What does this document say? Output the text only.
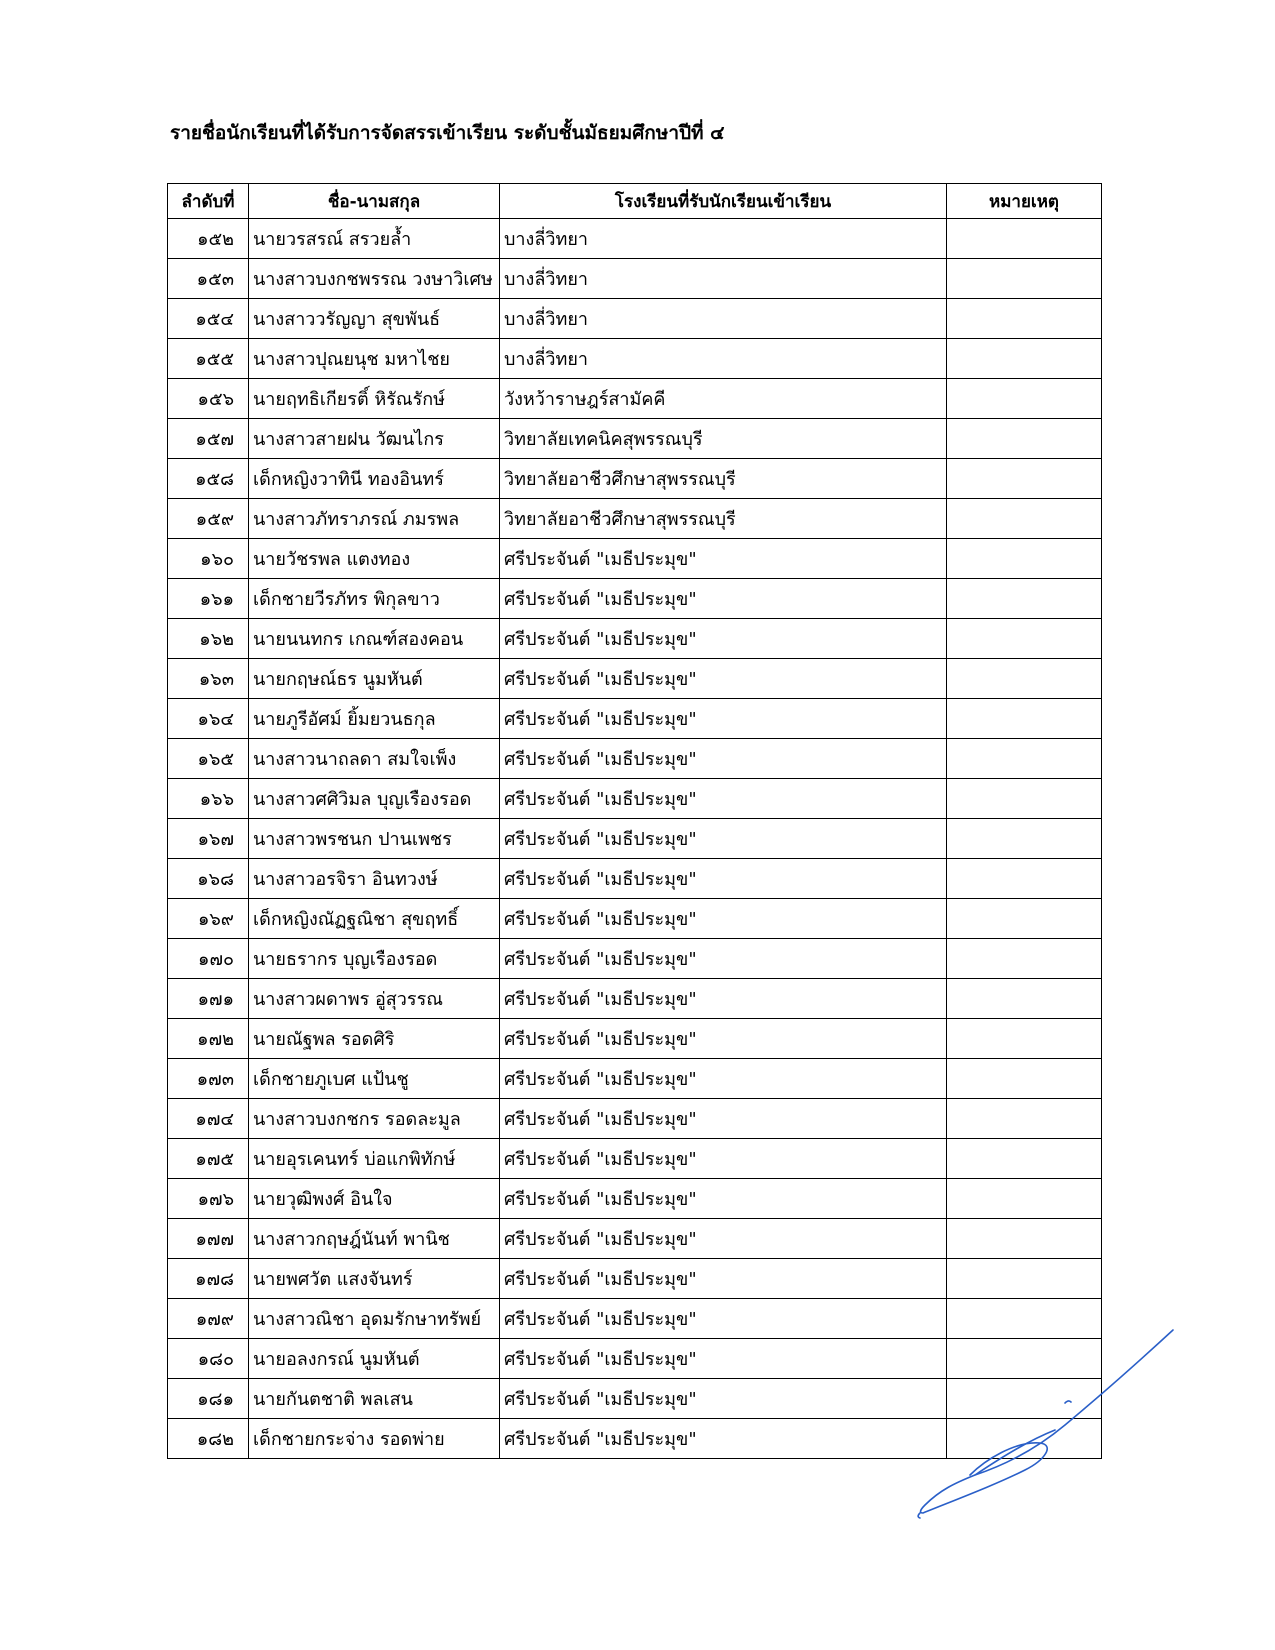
รายชื่อนักเรียนที่ได้รับการจัดสรรเข้าเรียน ระดับชั้นมัธยมศึกษาปีที่ ๔
ลำดับที่	ชื่อ-นามสกุล	โรงเรียนที่รับนักเรียนเข้าเรียน	หมายเหตุ
๑๕๒	นายวรสรณ์ สรวยล้ำ	บางลี่วิทยา	
๑๕๓	นางสาวบงกชพรรณ วงษาวิเศษ	บางลี่วิทยา	
๑๕๔	นางสาววรัญญา สุขพันธ์	บางลี่วิทยา	
๑๕๕	นางสาวปุณยนุช มหาไชย	บางลี่วิทยา	
๑๕๖	นายฤทธิเกียรติ์ หิรัณรักษ์	วังหว้าราษฎร์สามัคคี	
๑๕๗	นางสาวสายฝน วัฒนไกร	วิทยาลัยเทคนิคสุพรรณบุรี	
๑๕๘	เด็กหญิงวาทินี ทองอินทร์	วิทยาลัยอาชีวศึกษาสุพรรณบุรี	
๑๕๙	นางสาวภัทราภรณ์ ภมรพล	วิทยาลัยอาชีวศึกษาสุพรรณบุรี	
๑๖๐	นายวัชรพล แตงทอง	ศรีประจันต์ "เมธีประมุข"	
๑๖๑	เด็กชายวีรภัทร พิกุลขาว	ศรีประจันต์ "เมธีประมุข"	
๑๖๒	นายนนทกร เกณฑ์สองคอน	ศรีประจันต์ "เมธีประมุข"	
๑๖๓	นายกฤษณ์ธร นูมหันต์	ศรีประจันต์ "เมธีประมุข"	
๑๖๔	นายภูรีอัศม์ ยิ้มยวนธกุล	ศรีประจันต์ "เมธีประมุข"	
๑๖๕	นางสาวนาถลดา สมใจเพ็ง	ศรีประจันต์ "เมธีประมุข"	
๑๖๖	นางสาวศศิวิมล บุญเรืองรอด	ศรีประจันต์ "เมธีประมุข"	
๑๖๗	นางสาวพรชนก ปานเพชร	ศรีประจันต์ "เมธีประมุข"	
๑๖๘	นางสาวอรจิรา อินทวงษ์	ศรีประจันต์ "เมธีประมุข"	
๑๖๙	เด็กหญิงณัฏฐณิชา สุขฤทธิ์	ศรีประจันต์ "เมธีประมุข"	
๑๗๐	นายธรากร บุญเรืองรอด	ศรีประจันต์ "เมธีประมุข"	
๑๗๑	นางสาวผดาพร อู่สุวรรณ	ศรีประจันต์ "เมธีประมุข"	
๑๗๒	นายณัฐพล รอดศิริ	ศรีประจันต์ "เมธีประมุข"	
๑๗๓	เด็กชายภูเบศ แป้นชู	ศรีประจันต์ "เมธีประมุข"	
๑๗๔	นางสาวบงกชกร รอดละมูล	ศรีประจันต์ "เมธีประมุข"	
๑๗๕	นายอุรเคนทร์ บ่อแกพิทักษ์	ศรีประจันต์ "เมธีประมุข"	
๑๗๖	นายวุฒิพงศ์ อินใจ	ศรีประจันต์ "เมธีประมุข"	
๑๗๗	นางสาวกฤษฎ์นันท์ พานิช	ศรีประจันต์ "เมธีประมุข"	
๑๗๘	นายพศวัต แสงจันทร์	ศรีประจันต์ "เมธีประมุข"	
๑๗๙	นางสาวณิชา อุดมรักษาทรัพย์	ศรีประจันต์ "เมธีประมุข"	
๑๘๐	นายอลงกรณ์ นูมหันต์	ศรีประจันต์ "เมธีประมุข"	
๑๘๑	นายกันตชาติ พลเสน	ศรีประจันต์ "เมธีประมุข"	
๑๘๒	เด็กชายกระจ่าง รอดพ่าย	ศรีประจันต์ "เมธีประมุข"	
